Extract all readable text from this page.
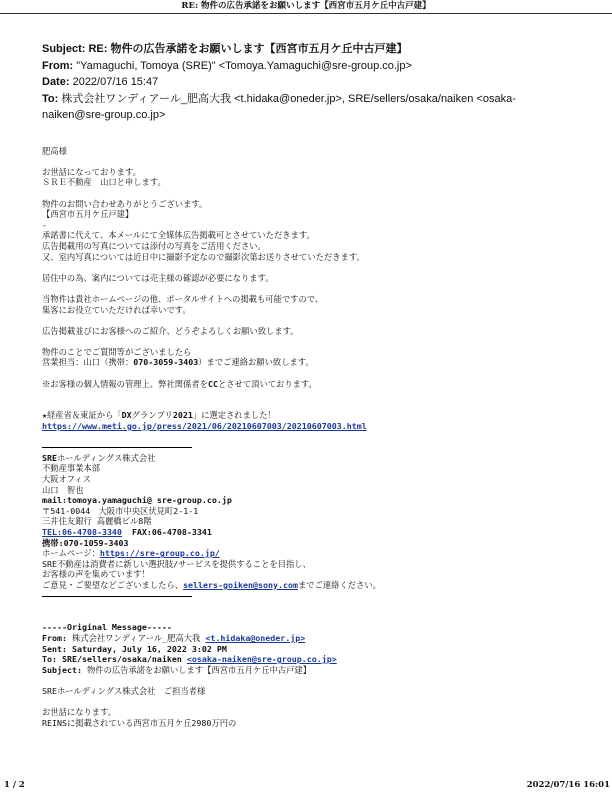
RE: 物件の広告承諾をお願いします【西宮市五月ケ丘中古戸建】
Subject: RE: 物件の広告承諾をお願いします【西宮市五月ケ丘中古戸建】
From: "Yamaguchi, Tomoya (SRE)" <Tomoya.Yamaguchi@sre-group.co.jp>
Date: 2022/07/16 15:47
To: 株式会社ワンディアール_肥高大我 <t.hidaka@oneder.jp>, SRE/sellers/osaka/naiken <osaka-naiken@sre-group.co.jp>

肥高様
お世話になっております。
ＳＲＥ不動産　山口と申します。
物件のお問い合わせありがとうございます。
【西宮市五月ケ丘戸建】
-
承諾書に代えて、本メールにて全媒体広告掲載可とさせていただきます。
広告掲載用の写真については添付の写真をご活用ください。
又、室内写真については近日中に撮影予定なので撮影次第お送りさせていただきます。
居住中の為、案内については売主様の確認が必要になります。
当物件は貴社ホームページの他、ポータルサイトへの掲載も可能ですので、
集客にお役立ていただければ幸いです。
広告掲載並びにお客様へのご紹介、どうぞよろしくお願い致します。
物件のことでご質問等がございましたら
営業担当：山口（携帯：070-3059-3403）までご連絡お願い致します。
※お客様の個人情報の管理上、弊社関係者をCCとさせて頂いております。
★経産省＆東証から「DXグランプリ2021」に選定されました！
https://www.meti.go.jp/press/2021/06/20210607003/20210607003.html
SREホールディングス株式会社
不動産事業本部
大阪オフィス
山口　智也
mail:tomoya.yamaguchi@ sre-group.co.jp
〒541-0044　大阪市中央区伏見町2-1-1
三井住友銀行 高麗橋ビル8階
TEL:06-4708-3340 FAX:06-4708-3341
携帯:070-1059-3403
ホームページ：https://sre-group.co.jp/
SRE不動産は消費者に新しい選択肢/サービスを提供することを目指し、
お客様の声を集めています！
ご意見・ご要望などございましたら、sellers-goiken@sony.comまでご連絡ください。
-----Original Message-----
From: 株式会社ワンディアール_肥高大我 <t.hidaka@oneder.jp>
Sent: Saturday, July 16, 2022 3:02 PM
To: SRE/sellers/osaka/naiken <osaka-naiken@sre-group.co.jp>
Subject: 物件の広告承諾をお願いします【西宮市五月ケ丘中古戸建】
SREホールディングス株式会社　ご担当者様
お世話になります。
REINSに掲載されている西宮市五月ケ丘2980万円の
1 / 2	2022/07/16 16:01
